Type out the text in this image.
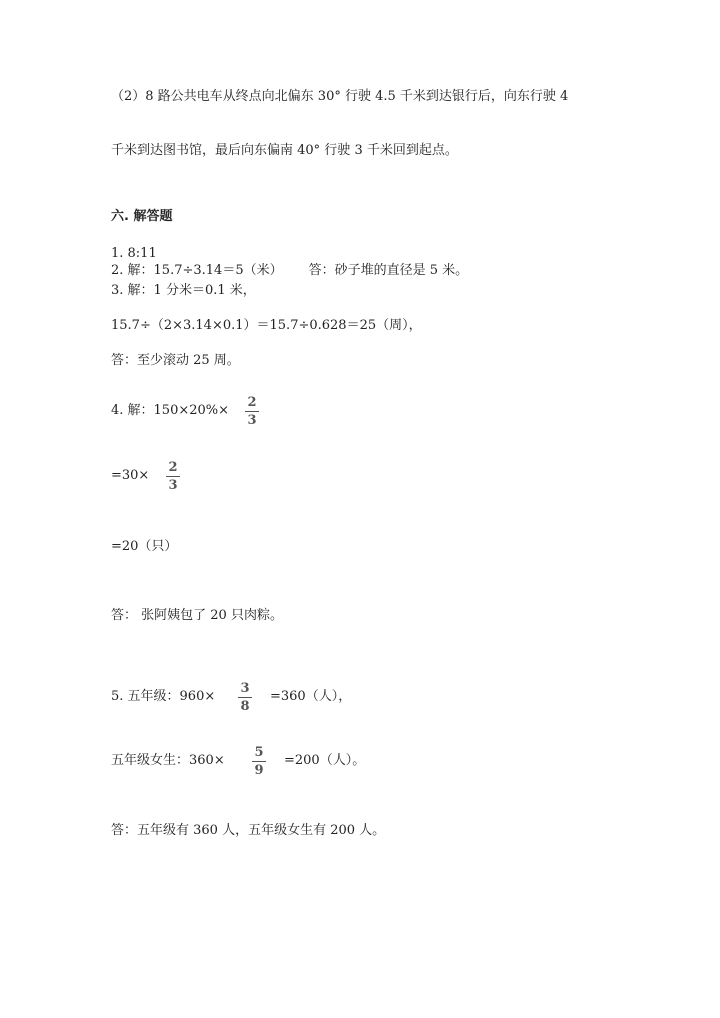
（2）8 路公共电车从终点向北偏东 30° 行驶 4.5 千米到达银行后，向东行驶 4
千米到达图书馆，最后向东偏南 40° 行驶 3 千米回到起点。
六. 解答题
1. 8:11
2. 解：15.7÷3.14＝5（米） 答：砂子堆的直径是 5 米。
3. 解：1 分米＝0.1 米，
15.7÷（2×3.14×0.1）＝15.7÷0.628＝25（周），
答：至少滚动 25 周。
4. 解：150×20%×
2
3
=30×
2
3
=20（只）
答： 张阿姨包了 20 只肉粽。
5. 五年级：960×
3
8
=360（人），
五年级女生：360×
5
9
=200（人）。
答：五年级有 360 人，五年级女生有 200 人。
